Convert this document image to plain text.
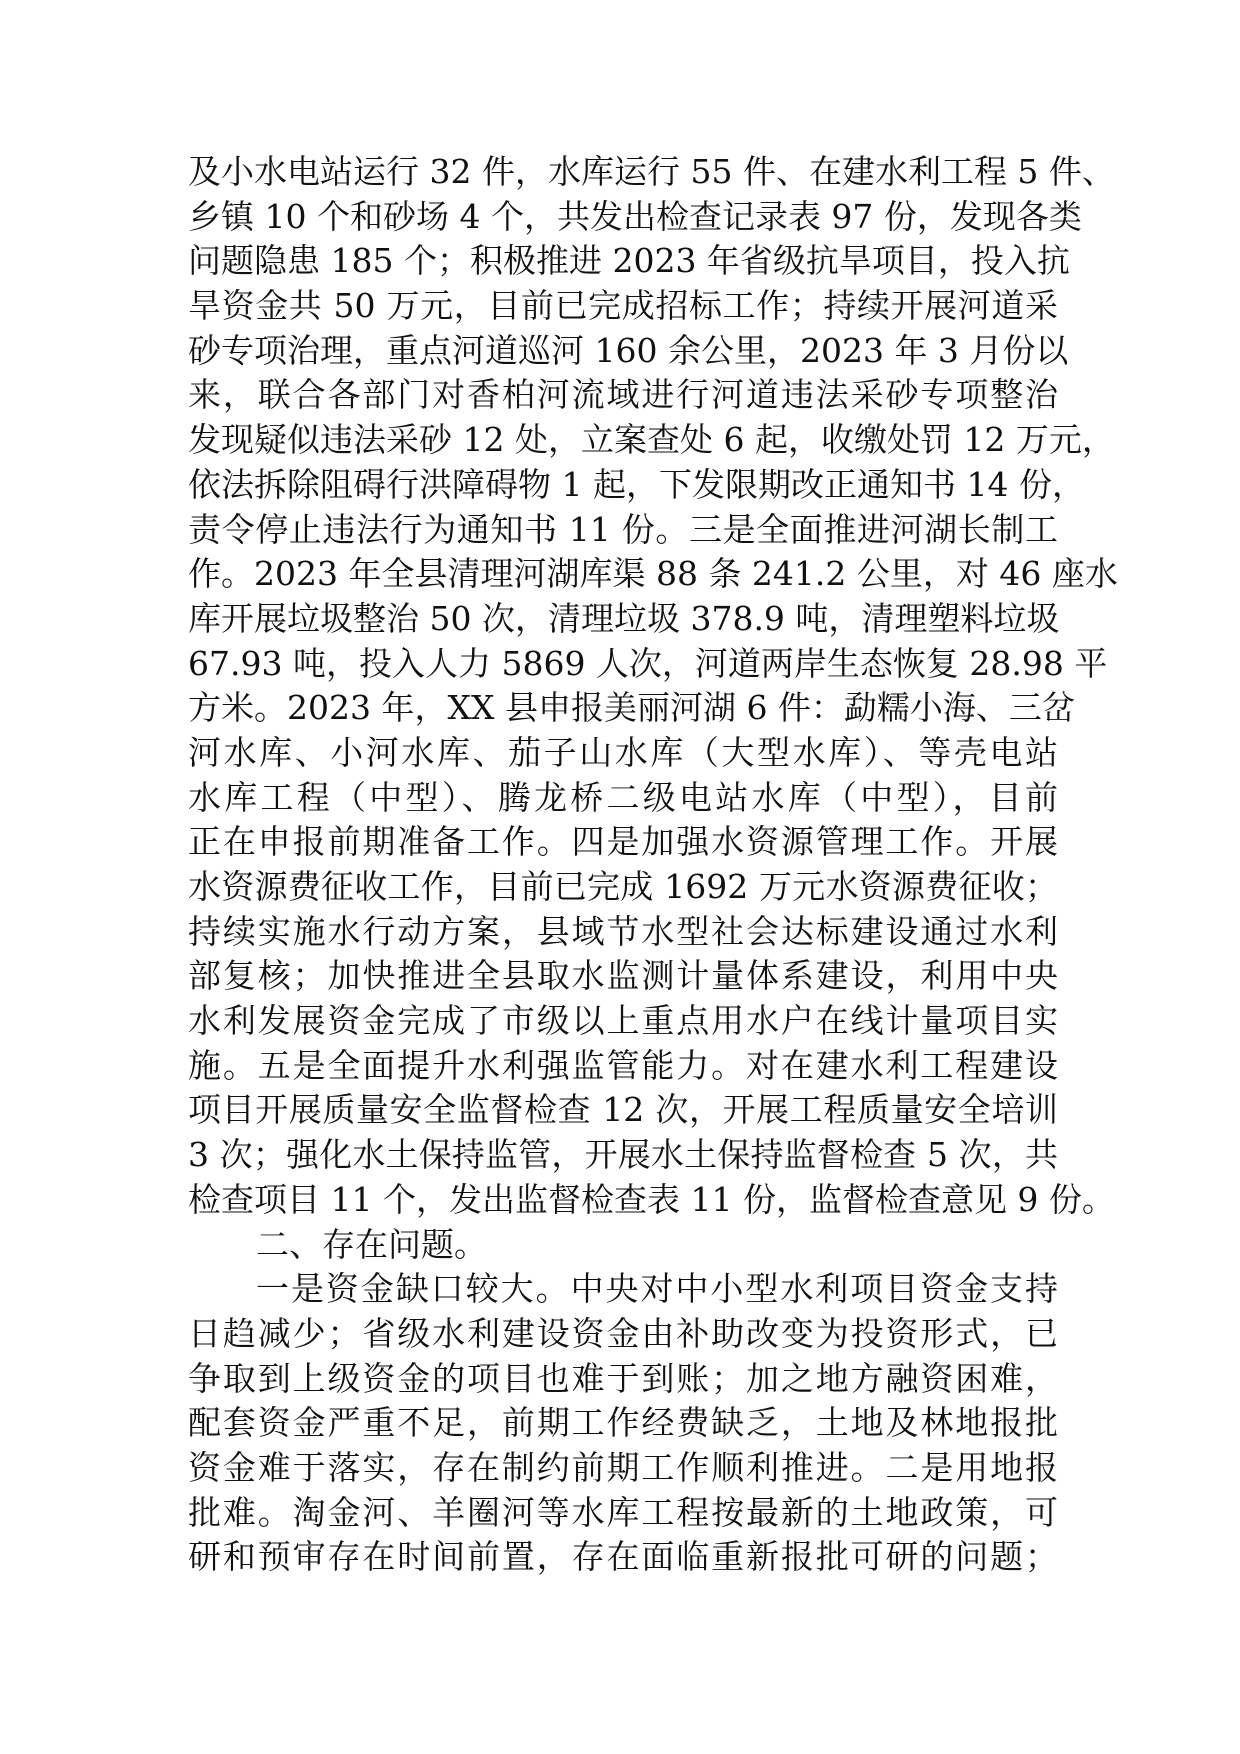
及小水电站运行 32 件，水库运行 55 件、在建水利工程 5 件、
乡镇 10 个和砂场 4 个，共发出检查记录表 97 份，发现各类
问题隐患 185 个；积极推进 2023 年省级抗旱项目，投入抗
旱资金共 50 万元，目前已完成招标工作；持续开展河道采
砂专项治理，重点河道巡河 160 余公里，2023 年 3 月份以
来，联合各部门对香柏河流域进行河道违法采砂专项整治
发现疑似违法采砂 12 处，立案查处 6 起，收缴处罚 12 万元，
依法拆除阻碍行洪障碍物 1 起，下发限期改正通知书 14 份，
责令停止违法行为通知书 11 份。三是全面推进河湖长制工
作。2023 年全县清理河湖库渠 88 条 241.2 公里，对 46 座水
库开展垃圾整治 50 次，清理垃圾 378.9 吨，清理塑料垃圾
67.93 吨，投入人力 5869 人次，河道两岸生态恢复 28.98 平
方米。2023 年，XX 县申报美丽河湖 6 件：勐糯小海、三岔
河水库、小河水库、茄子山水库（大型水库）、等壳电站
水库工程（中型）、腾龙桥二级电站水库（中型），目前
正在申报前期准备工作。四是加强水资源管理工作。开展
水资源费征收工作，目前已完成 1692 万元水资源费征收；
持续实施水行动方案，县域节水型社会达标建设通过水利
部复核；加快推进全县取水监测计量体系建设，利用中央
水利发展资金完成了市级以上重点用水户在线计量项目实
施。五是全面提升水利强监管能力。对在建水利工程建设
项目开展质量安全监督检查 12 次，开展工程质量安全培训
3 次；强化水土保持监管，开展水土保持监督检查 5 次，共
检查项目 11 个，发出监督检查表 11 份，监督检查意见 9 份。
二、存在问题。
一是资金缺口较大。中央对中小型水利项目资金支持
日趋减少；省级水利建设资金由补助改变为投资形式，已
争取到上级资金的项目也难于到账；加之地方融资困难，
配套资金严重不足，前期工作经费缺乏，土地及林地报批
资金难于落实，存在制约前期工作顺利推进。二是用地报
批难。淘金河、羊圈河等水库工程按最新的土地政策，可
研和预审存在时间前置，存在面临重新报批可研的问题；
